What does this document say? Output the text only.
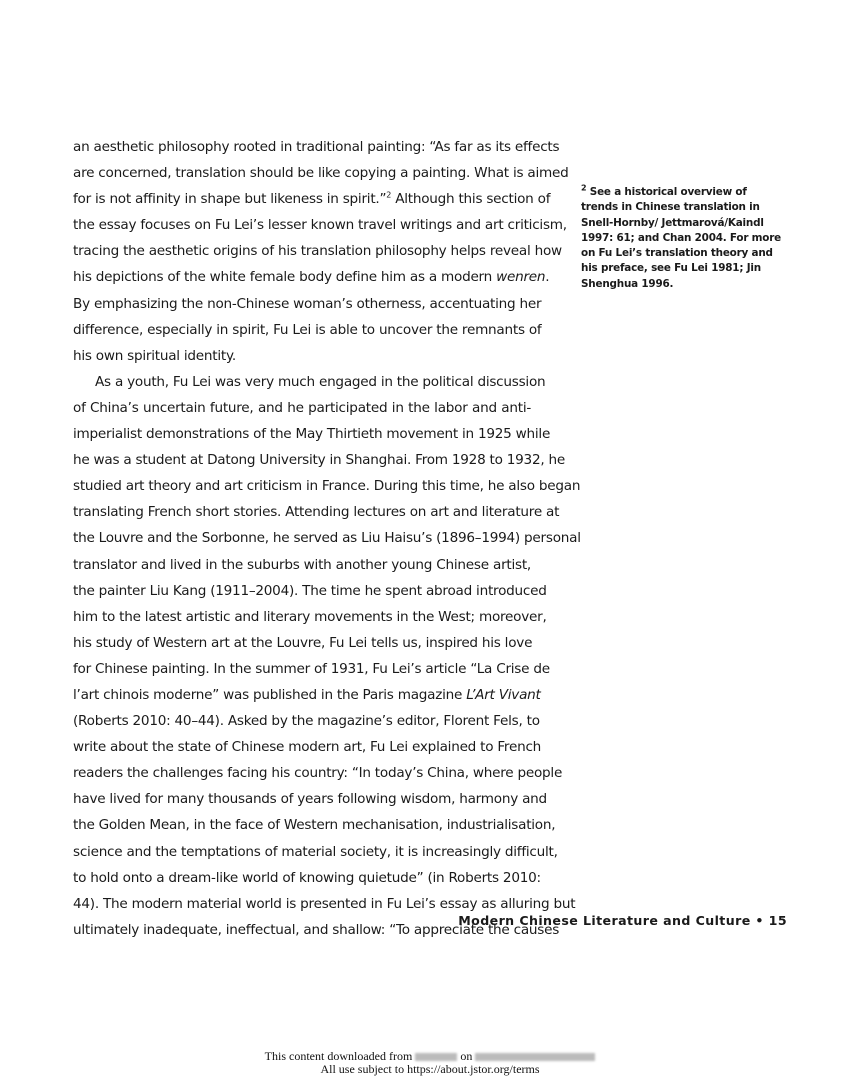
an aesthetic philosophy rooted in traditional painting: “As far as its effects
are concerned, translation should be like copying a painting. What is aimed
for is not affinity in shape but likeness in spirit.”$^2$ Although this section of
the essay focuses on Fu Lei’s lesser known travel writings and art criticism,
tracing the aesthetic origins of his translation philosophy helps reveal how
his depictions of the white female body define him as a modern wenren.
By emphasizing the non-Chinese woman’s otherness, accentuating her
difference, especially in spirit, Fu Lei is able to uncover the remnants of
his own spiritual identity.
As a youth, Fu Lei was very much engaged in the political discussion
of China’s uncertain future, and he participated in the labor and anti-
imperialist demonstrations of the May Thirtieth movement in 1925 while
he was a student at Datong University in Shanghai. From 1928 to 1932, he
studied art theory and art criticism in France. During this time, he also began
translating French short stories. Attending lectures on art and literature at
the Louvre and the Sorbonne, he served as Liu Haisu’s (1896–1994) personal
translator and lived in the suburbs with another young Chinese artist,
the painter Liu Kang (1911–2004). The time he spent abroad introduced
him to the latest artistic and literary movements in the West; moreover,
his study of Western art at the Louvre, Fu Lei tells us, inspired his love
for Chinese painting. In the summer of 1931, Fu Lei’s article “La Crise de
l’art chinois moderne” was published in the Paris magazine L’Art Vivant
(Roberts 2010: 40–44). Asked by the magazine’s editor, Florent Fels, to
write about the state of Chinese modern art, Fu Lei explained to French
readers the challenges facing his country: “In today’s China, where people
have lived for many thousands of years following wisdom, harmony and
the Golden Mean, in the face of Western mechanisation, industrialisation,
science and the temptations of material society, it is increasingly difficult,
to hold onto a dream-like world of knowing quietude” (in Roberts 2010:
44). The modern material world is presented in Fu Lei’s essay as alluring but
ultimately inadequate, ineffectual, and shallow: “To appreciate the causes
$^2$ See a historical overview of trends in Chinese translation in Snell-Hornby/ Jettmarová/Kaindl 1997: 61; and Chan 2004. For more on Fu Lei’s translation theory and his preface, see Fu Lei 1981; Jin Shenghua 1996.
Modern Chinese Literature and Culture • 15
This content downloaded from	on
All use subject to https://about.jstor.org/terms
